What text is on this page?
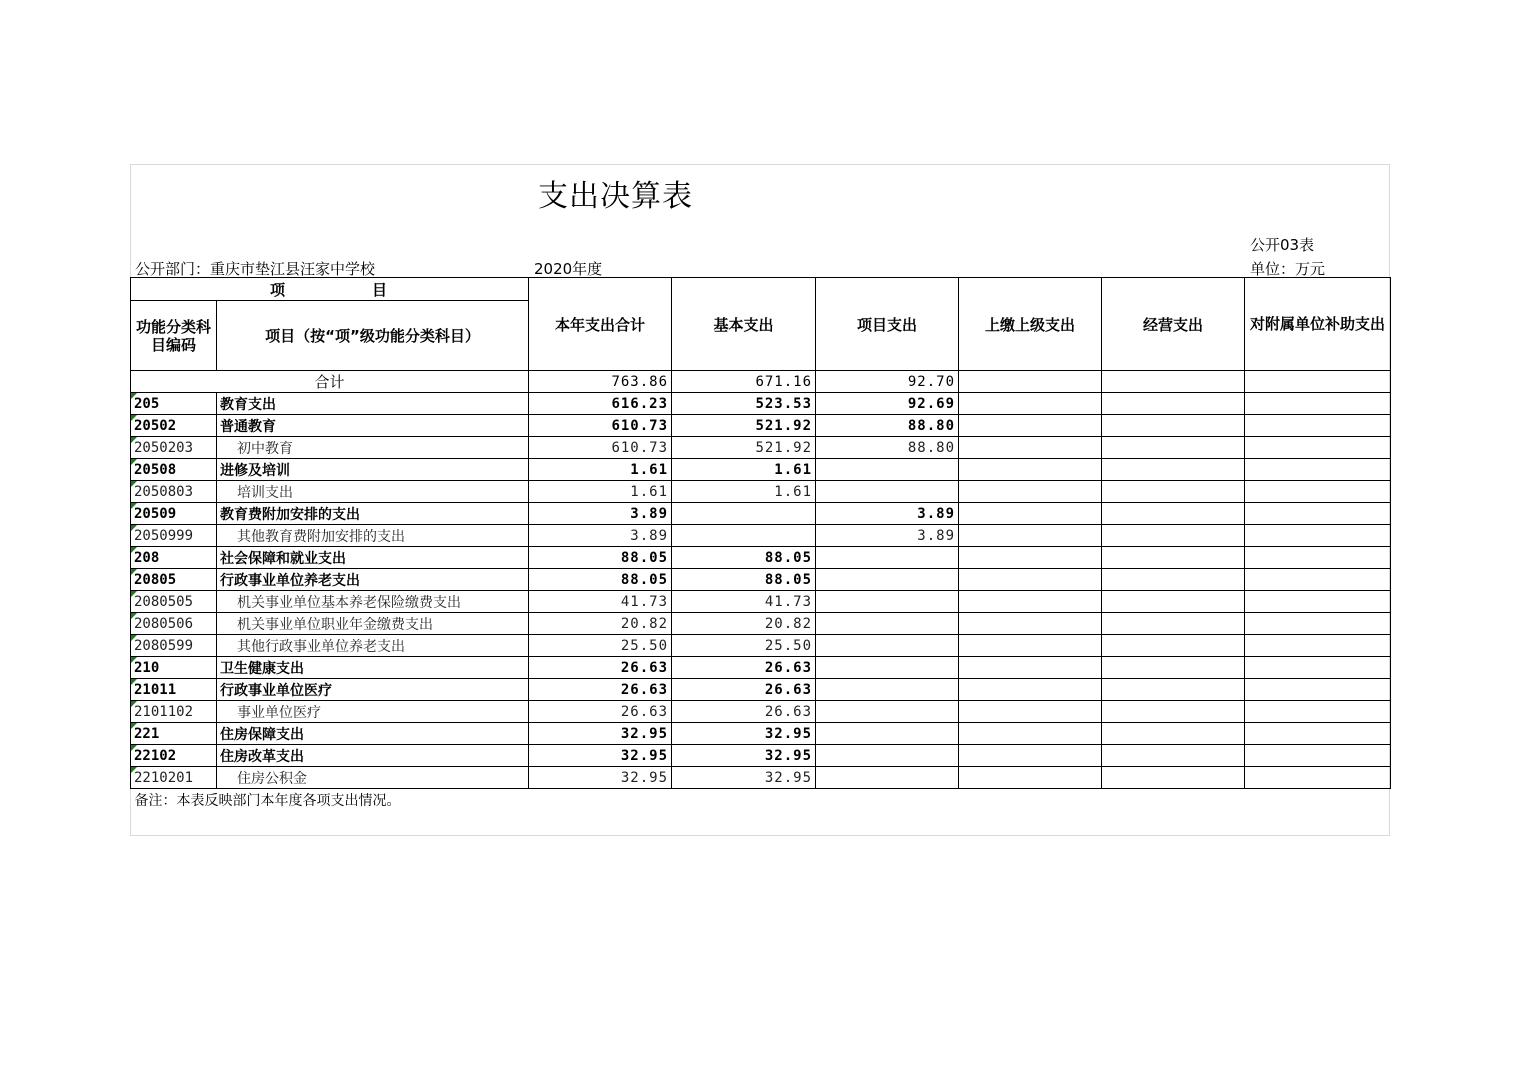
支出决算表
公开03表
公开部门：重庆市垫江县汪家中学校	2020年度	单位：万元
项　　　　　目		本年支出合计	基本支出	项目支出	上缴上级支出	经营支出	对附属单位补助支出
功能分类科目编码	项目（按“项”级功能分类科目）						
合计		763.86	671.16	92.70			

205	教育支出	616.23	523.53	92.69			

20502	普通教育	610.73	521.92	88.80			

2050203	初中教育	610.73	521.92	88.80			

20508	进修及培训	1.61	1.61				

2050803	培训支出	1.61	1.61				

20509	教育费附加安排的支出	3.89		3.89			

2050999	其他教育费附加安排的支出	3.89		3.89			

208	社会保障和就业支出	88.05	88.05				

20805	行政事业单位养老支出	88.05	88.05				

2080505	机关事业单位基本养老保险缴费支出	41.73	41.73				

2080506	机关事业单位职业年金缴费支出	20.82	20.82				

2080599	其他行政事业单位养老支出	25.50	25.50				

210	卫生健康支出	26.63	26.63				

21011	行政事业单位医疗	26.63	26.63				

2101102	事业单位医疗	26.63	26.63				

221	住房保障支出	32.95	32.95				

22102	住房改革支出	32.95	32.95				

2210201	住房公积金	32.95	32.95				
备注：本表反映部门本年度各项支出情况。							
